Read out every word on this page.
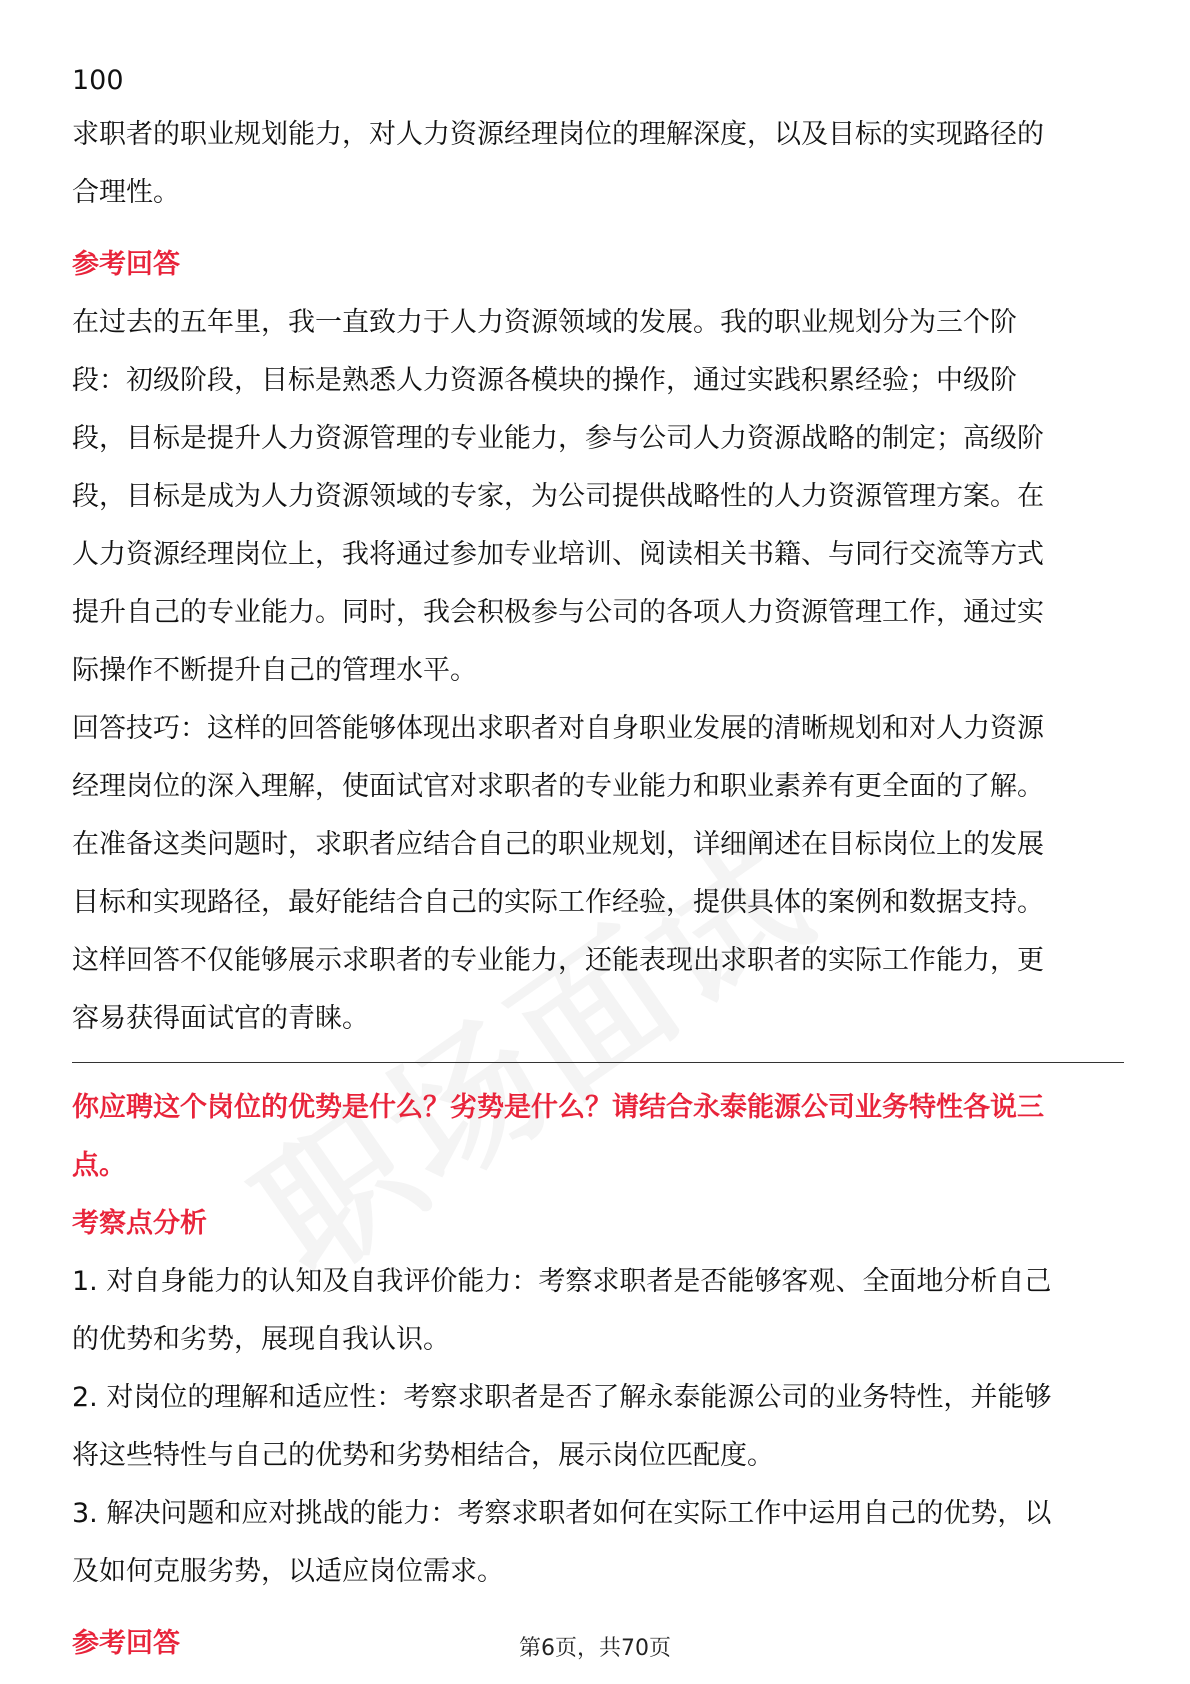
100
求职者的职业规划能力，对人力资源经理岗位的理解深度，以及目标的实现路径的
合理性。
参考回答
在过去的五年里，我一直致力于人力资源领域的发展。我的职业规划分为三个阶
段：初级阶段，目标是熟悉人力资源各模块的操作，通过实践积累经验；中级阶
段，目标是提升人力资源管理的专业能力，参与公司人力资源战略的制定；高级阶
段，目标是成为人力资源领域的专家，为公司提供战略性的人力资源管理方案。在
人力资源经理岗位上，我将通过参加专业培训、阅读相关书籍、与同行交流等方式
提升自己的专业能力。同时，我会积极参与公司的各项人力资源管理工作，通过实
际操作不断提升自己的管理水平。
回答技巧：这样的回答能够体现出求职者对自身职业发展的清晰规划和对人力资源
经理岗位的深入理解，使面试官对求职者的专业能力和职业素养有更全面的了解。
在准备这类问题时，求职者应结合自己的职业规划，详细阐述在目标岗位上的发展
目标和实现路径，最好能结合自己的实际工作经验，提供具体的案例和数据支持。
这样回答不仅能够展示求职者的专业能力，还能表现出求职者的实际工作能力，更
容易获得面试官的青睐。
你应聘这个岗位的优势是什么？劣势是什么？请结合永泰能源公司业务特性各说三
点。
考察点分析
1. 对自身能力的认知及自我评价能力：考察求职者是否能够客观、全面地分析自己
的优势和劣势，展现自我认识。
2. 对岗位的理解和适应性：考察求职者是否了解永泰能源公司的业务特性，并能够
将这些特性与自己的优势和劣势相结合，展示岗位匹配度。
3. 解决问题和应对挑战的能力：考察求职者如何在实际工作中运用自己的优势，以
及如何克服劣势，以适应岗位需求。
参考回答	第6页，共70页
